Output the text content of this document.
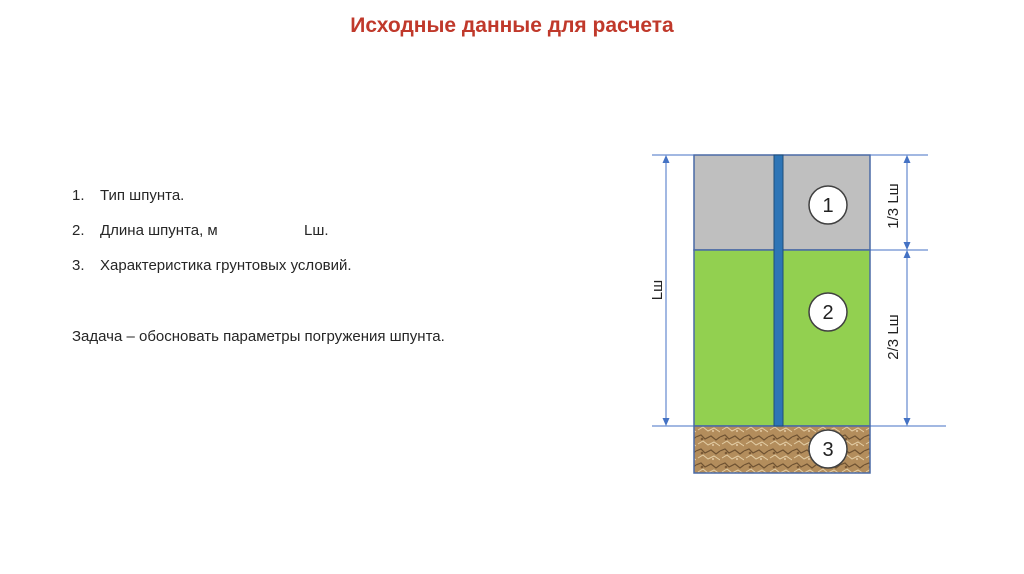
Исходные данные для расчета
1. Тип шпунта.
2. Длина шпунта, м	Lш.
3. Характеристика грунтовых условий.
Задача – обосновать параметры погружения шпунта.
Lш
1/3 Lш
2/3 Lш
1
2
3
